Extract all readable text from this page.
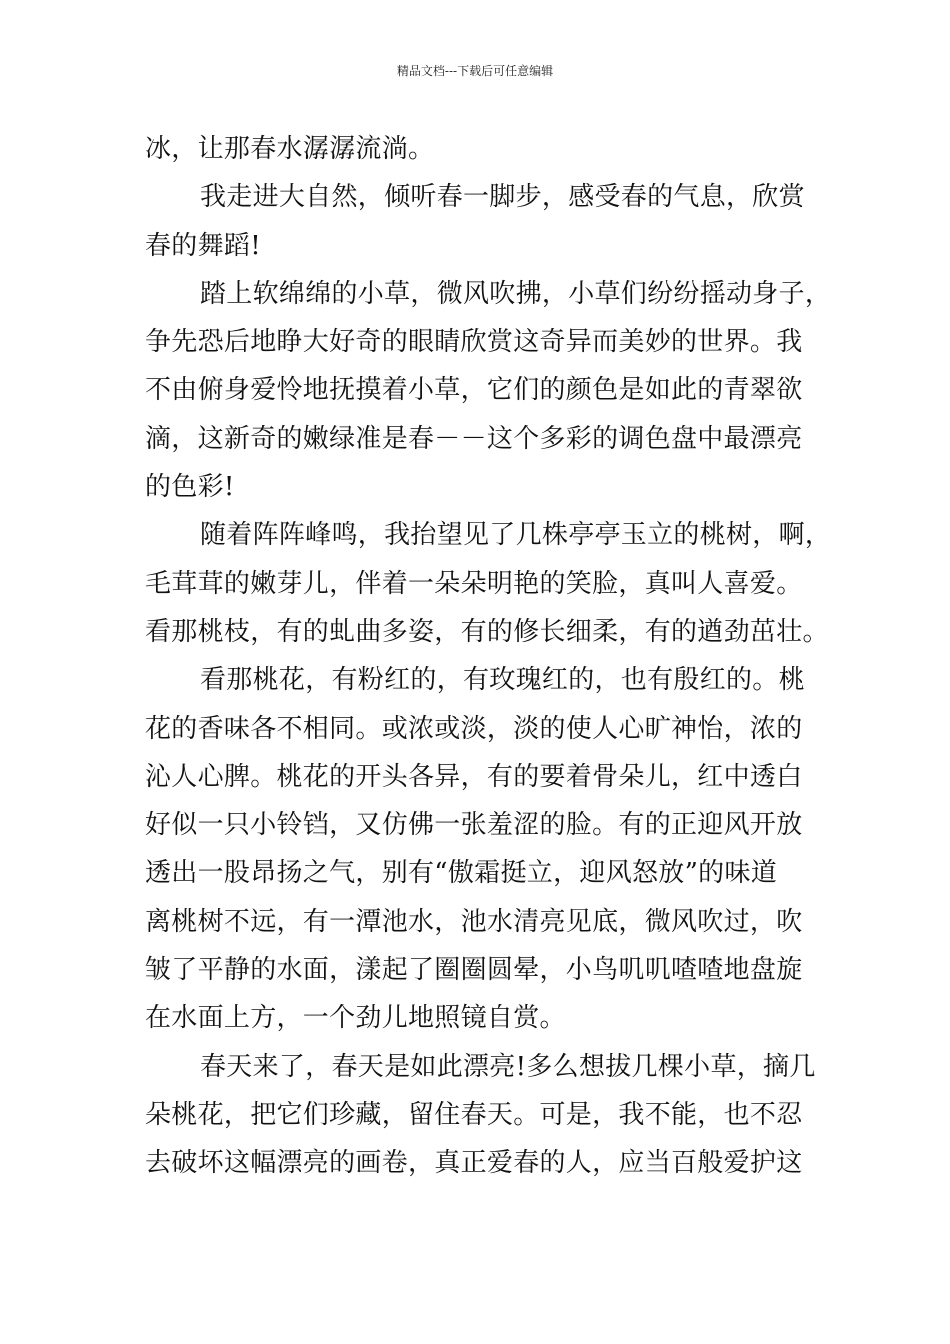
精品文档---下载后可任意编辑
冰，让那春水潺潺流淌。
我走进大自然，倾听春一脚步，感受春的气息，欣赏
春的舞蹈!
踏上软绵绵的小草，微风吹拂，小草们纷纷摇动身子，
争先恐后地睁大好奇的眼睛欣赏这奇异而美妙的世界。我
不由俯身爱怜地抚摸着小草，它们的颜色是如此的青翠欲
滴，这新奇的嫩绿准是春－－这个多彩的调色盘中最漂亮
的色彩!
随着阵阵峰鸣，我抬望见了几株亭亭玉立的桃树，啊，
毛茸茸的嫩芽儿，伴着一朵朵明艳的笑脸，真叫人喜爱。
看那桃枝，有的虬曲多姿，有的修长细柔，有的遒劲茁壮。
看那桃花，有粉红的，有玫瑰红的，也有殷红的。桃
花的香味各不相同。或浓或淡，淡的使人心旷神怡，浓的
沁人心脾。桃花的开头各异，有的要着骨朵儿，红中透白
好似一只小铃铛，又仿佛一张羞涩的脸。有的正迎风开放
透出一股昂扬之气，别有“傲霜挺立，迎风怒放”的味道
离桃树不远，有一潭池水，池水清亮见底，微风吹过，吹
皱了平静的水面，漾起了圈圈圆晕，小鸟叽叽喳喳地盘旋
在水面上方，一个劲儿地照镜自赏。
春天来了，春天是如此漂亮!多么想拔几棵小草，摘几
朵桃花，把它们珍藏，留住春天。可是，我不能，也不忍
去破坏这幅漂亮的画卷，真正爱春的人，应当百般爱护这
